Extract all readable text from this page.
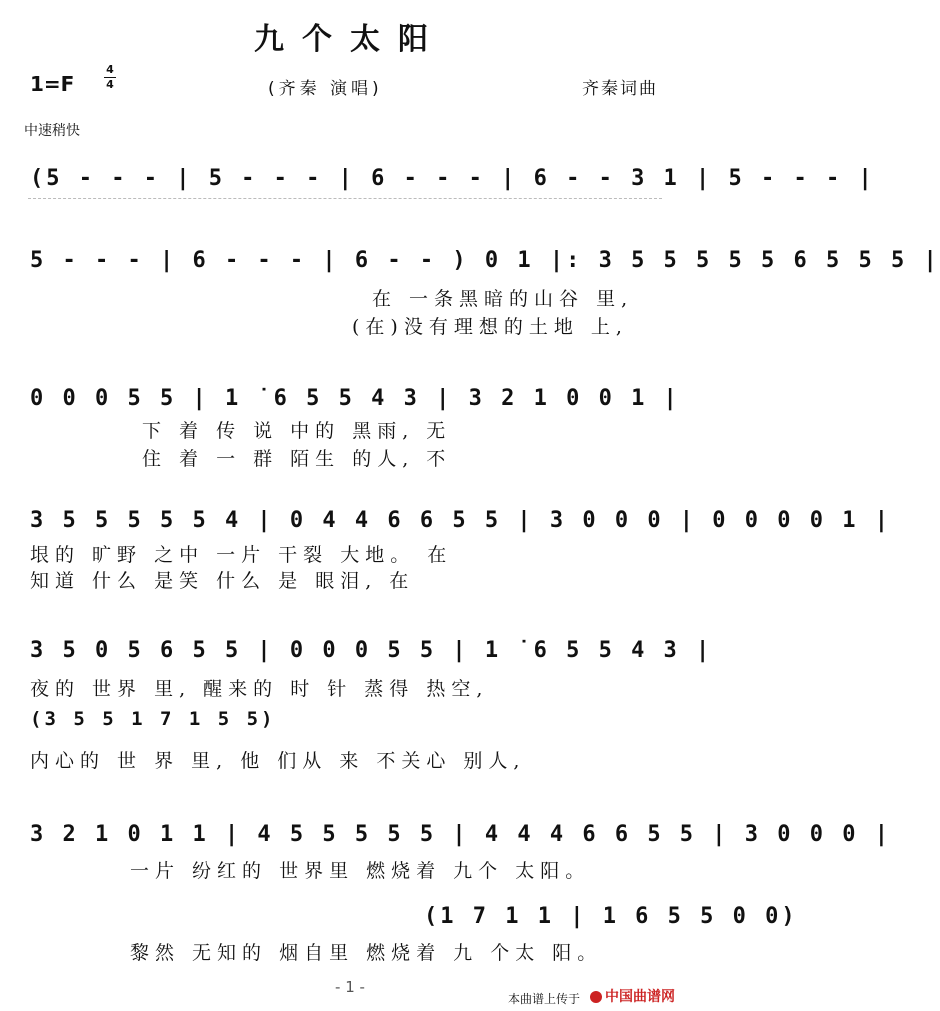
九个太阳
1=F
4
4	(齐秦 演唱)	齐秦词曲
中速稍快
(5 - - - | 5 - - - | 6 - - - | 6 - - 3 1 | 5 - - - |
5 - - - | 6 - - - | 6 - - ) 0 1 |: 3 5 5 5 5 5 6 5 5 5 |
在 一条黑暗的山谷 里,
(在)没有理想的土地 上,
0 0 0 5 5 | 1 ˙6 5 5 4 3 | 3 2 1 0 0 1 |
下 着 传 说 中的 黑雨, 无
住 着 一 群 陌生 的人, 不
3 5 5 5 5 5 4 | 0 4 4 6 6 5 5 | 3 0 0 0 | 0 0 0 0 1 |
垠的 旷野 之中 一片 干裂 大地。 在
知道 什么 是笑 什么 是 眼泪, 在
3 5 0 5 6 5 5 | 0 0 0 5 5 | 1 ˙6 5 5 4 3 |
夜的 世界 里, 醒来的 时 针 蒸得 热空,
(3 5 5 1 7 1 5 5)
内心的 世 界 里, 他 们从 来 不关心 别人,
3 2 1 0 1 1 | 4 5 5 5 5 5 | 4 4 4 6 6 5 5 | 3 0 0 0 |
一片 纷红的 世界里 燃烧着 九个 太阳。
(1 7 1 1 | 1 6 5 5 0 0)
黎然 无知的 烟自里 燃烧着 九 个太 阳。
- 1 -
本曲谱上传于	中国曲谱网
